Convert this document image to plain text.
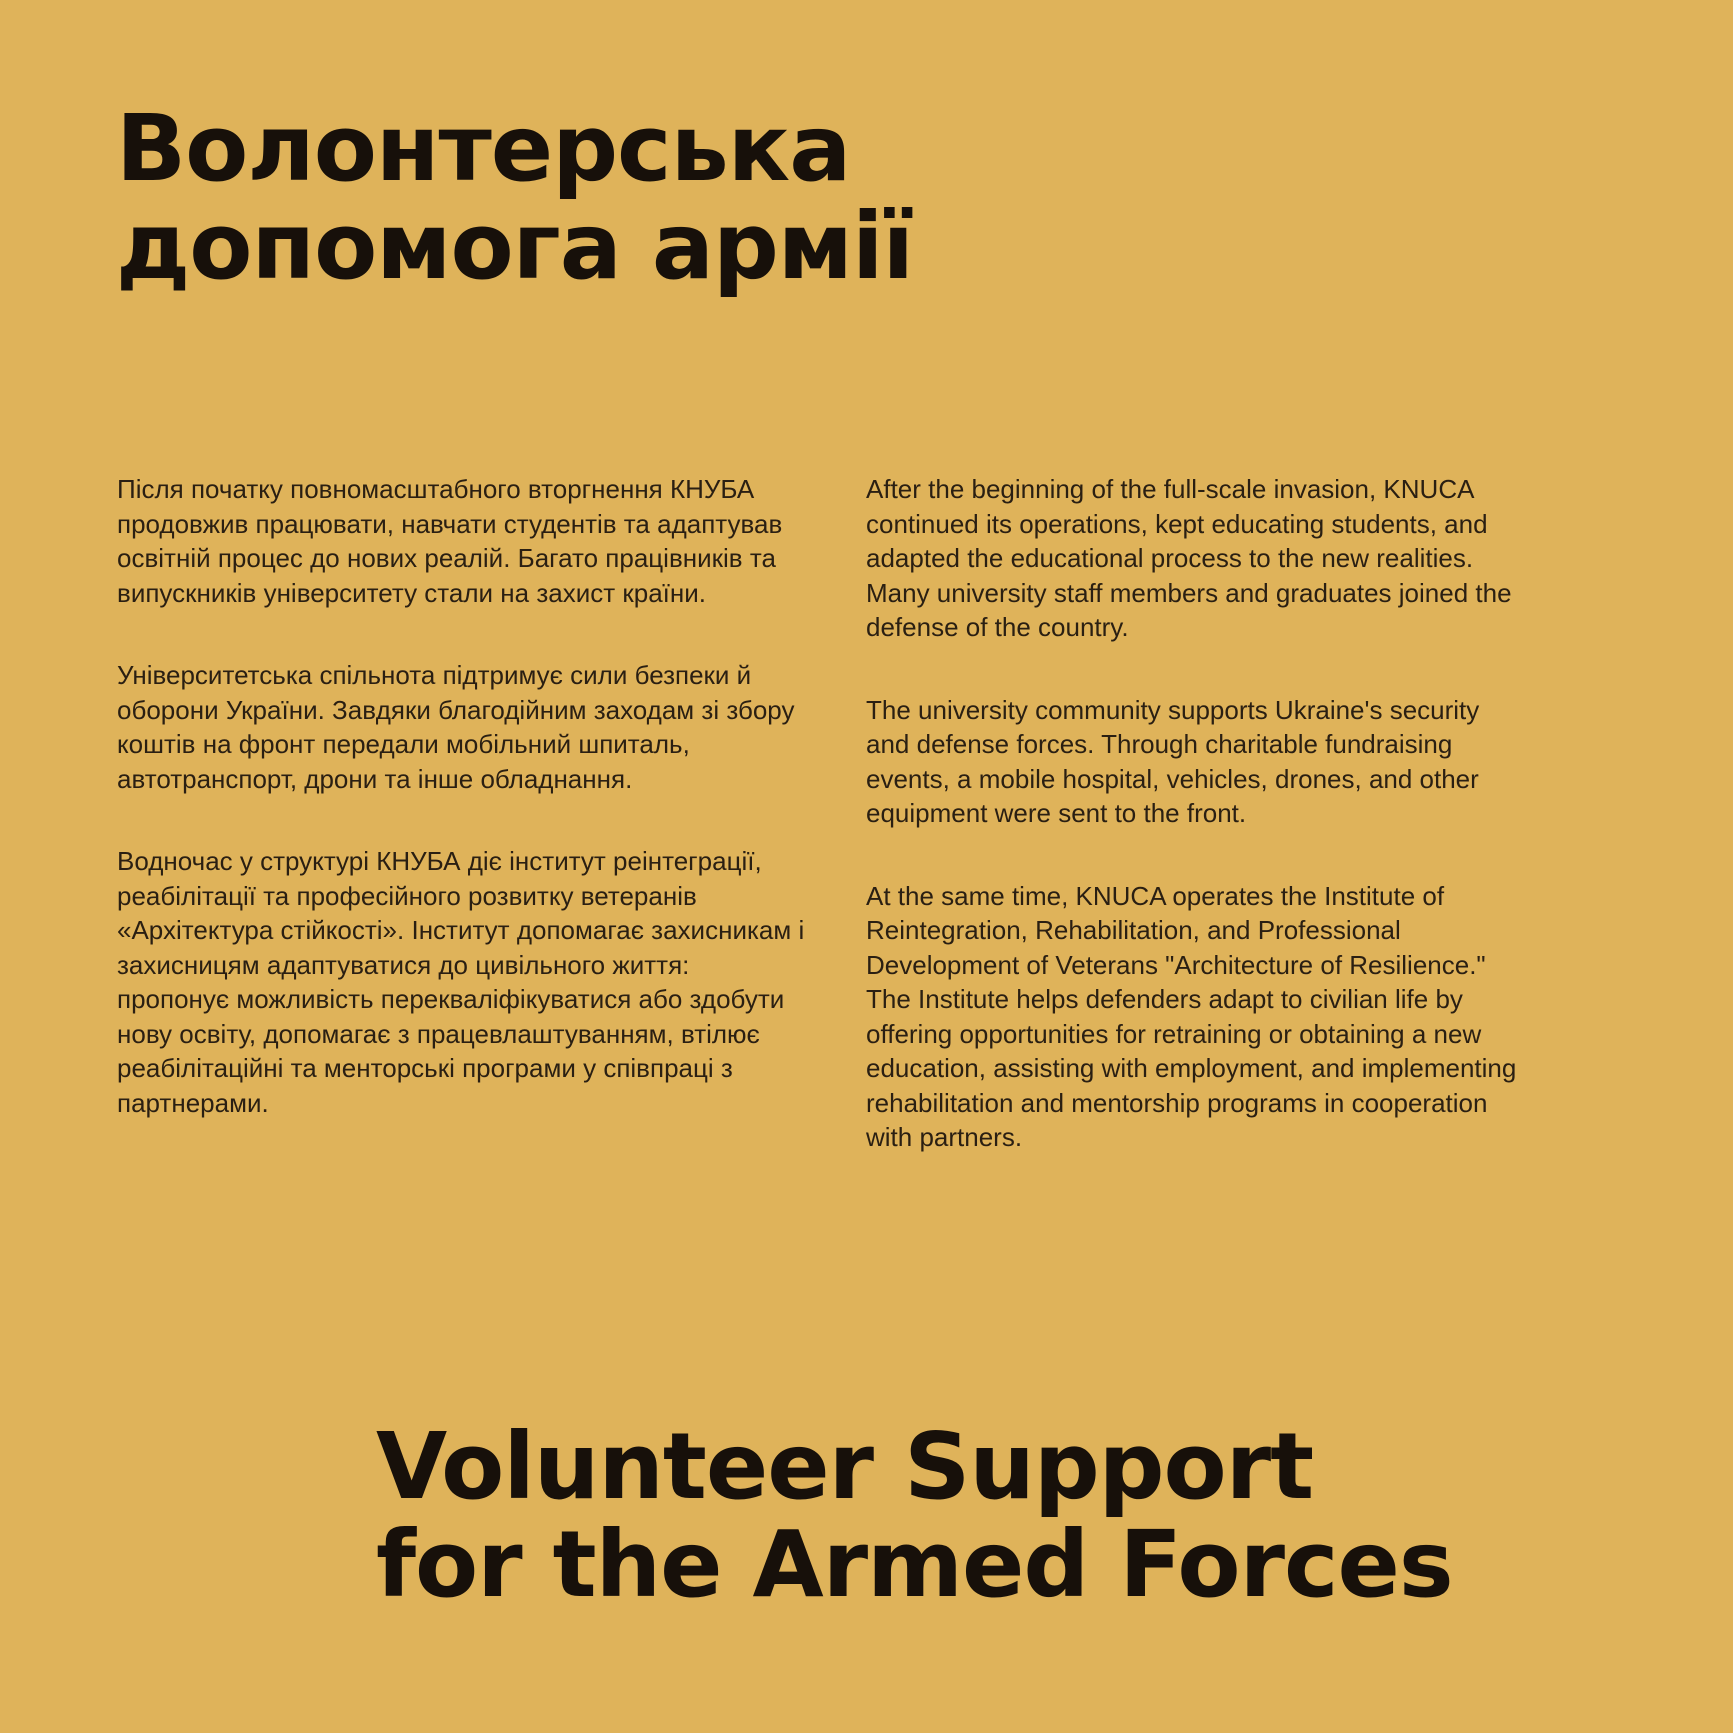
Волонтерська
допомога армії

Після початку повномасштабного вторгнення КНУБА продовжив працювати, навчати студентів та адаптував освітній процес до нових реалій. Багато працівників та випускників університету стали на захист країни.

Університетська спільнота підтримує сили безпеки й оборони України. Завдяки благодійним заходам зі збору коштів на фронт передали мобільний шпиталь, автотранспорт, дрони та інше обладнання.

Водночас у структурі КНУБА діє інститут реінтеграції, реабілітації та професійного розвитку ветеранів «Архітектура стійкості». Інститут допомагає захисникам і захисницям адаптуватися до цивільного життя: пропонує можливість перекваліфікуватися або здобути нову освіту, допомагає з працевлаштуванням, втілює реабілітаційні та менторські програми у співпраці з партнерами.

After the beginning of the full-scale invasion, KNUCA continued its operations, kept educating students, and adapted the educational process to the new realities. Many university staff members and graduates joined the defense of the country.

The university community supports Ukraine's security and defense forces. Through charitable fundraising events, a mobile hospital, vehicles, drones, and other equipment were sent to the front.

At the same time, KNUCA operates the Institute of Reintegration, Rehabilitation, and Professional Development of Veterans "Architecture of Resilience." The Institute helps defenders adapt to civilian life by offering opportunities for retraining or obtaining a new education, assisting with employment, and implementing rehabilitation and mentorship programs in cooperation with partners.

Volunteer Support
for the Armed Forces
